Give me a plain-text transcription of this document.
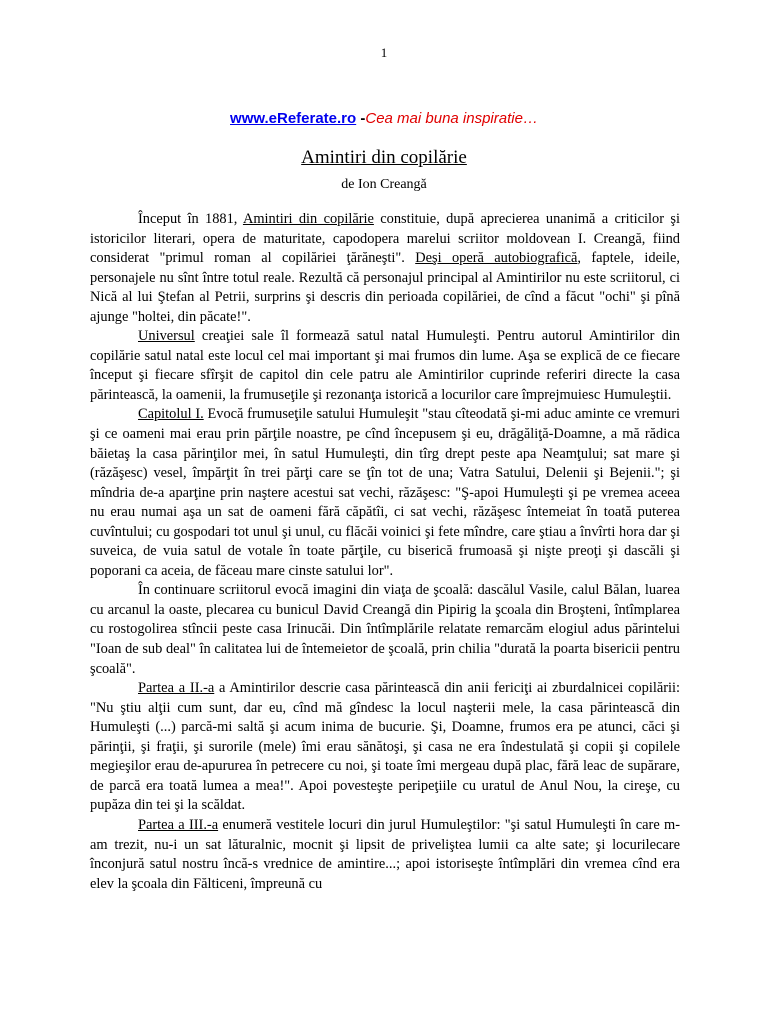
1
www.eReferate.ro -Cea mai buna inspiratie…
Amintiri din copilărie
de Ion Creangă

Început în 1881, Amintiri din copilărie constituie, după aprecierea unanimă a criticilor şi istoricilor literari, opera de maturitate, capodopera marelui scriitor moldovean I. Creangă, fiind considerat "primul roman al copilăriei ţărăneşti". Deşi operă autobiografică, faptele, ideile, personajele nu sînt între totul reale. Rezultă că personajul principal al Amintirilor nu este scriitorul, ci Nică al lui Ştefan al Petrii, surprins şi descris din perioada copilăriei, de cînd a făcut "ochi" şi pînă ajunge "holtei, din păcate!".

Universul creaţiei sale îl formează satul natal Humuleşti. Pentru autorul Amintirilor din copilărie satul natal este locul cel mai important şi mai frumos din lume. Aşa se explică de ce fiecare început şi fiecare sfîrşit de capitol din cele patru ale Amintirilor cuprinde referiri directe la casa părintească, la oamenii, la frumuseţile şi rezonanţa istorică a locurilor care împrejmuiesc Humuleştii.

Capitolul I. Evocă frumuseţile satului Humuleşit "stau cîteodată şi-mi aduc aminte ce vremuri şi ce oameni mai erau prin părţile noastre, pe cînd începusem şi eu, drăgăliţă-Doamne, a mă rădica băietaş la casa părinţilor mei, în satul Humuleşti, din tîrg drept peste apa Neamţului; sat mare şi (răzăşesc) vesel, împărţit în trei părţi care se ţîn tot de una; Vatra Satului, Delenii şi Bejenii."; şi mîndria de-a aparţine prin naştere acestui sat vechi, răzăşesc: "Ş-apoi Humuleşti şi pe vremea aceea nu erau numai aşa un sat de oameni fără căpătîi, ci sat vechi, răzăşesc întemeiat în toată puterea cuvîntului; cu gospodari tot unul şi unul, cu flăcăi voinici şi fete mîndre, care ştiau a învîrti hora dar şi suveica, de vuia satul de votale în toate părţile, cu biserică frumoasă şi nişte preoţi şi dascăli şi poporani ca aceia, de făceau mare cinste satului lor".

În continuare scriitorul evocă imagini din viaţa de şcoală: dascălul Vasile, calul Bălan, luarea cu arcanul la oaste, plecarea cu bunicul David Creangă din Pipirig la şcoala din Broşteni, întîmplarea cu rostogolirea stîncii peste casa Irinucăi. Din întîmplările relatate remarcăm elogiul adus părintelui "Ioan de sub deal" în calitatea lui de întemeietor de şcoală, prin chilia "durată la poarta bisericii pentru şcoală".

Partea a II.-a a Amintirilor descrie casa părintească din anii fericiţi ai zburdalnicei copilării: "Nu ştiu alţii cum sunt, dar eu, cînd mă gîndesc la locul naşterii mele, la casa părintească din Humuleşti (...) parcă-mi saltă şi acum inima de bucurie. Şi, Doamne, frumos era pe atunci, căci şi părinţii, şi fraţii, şi surorile (mele) îmi erau sănătoşi, şi casa ne era îndestulată şi copii şi copilele megieşilor erau de-apururea în petrecere cu noi, şi toate îmi mergeau după plac, fără leac de supărare, de parcă era toată lumea a mea!". Apoi povesteşte peripeţiile cu uratul de Anul Nou, la cireşe, cu pupăza din tei şi la scăldat.

Partea a III.-a enumeră vestitele locuri din jurul Humuleştilor: "şi satul Humuleşti în care m-am trezit, nu-i un sat lăturalnic, mocnit şi lipsit de priveliştea lumii ca alte sate; şi locurilecare înconjură satul nostru încă-s vrednice de amintire...; apoi istoriseşte întîmplări din vremea cînd era elev la şcoala din Fălticeni, împreună cu
